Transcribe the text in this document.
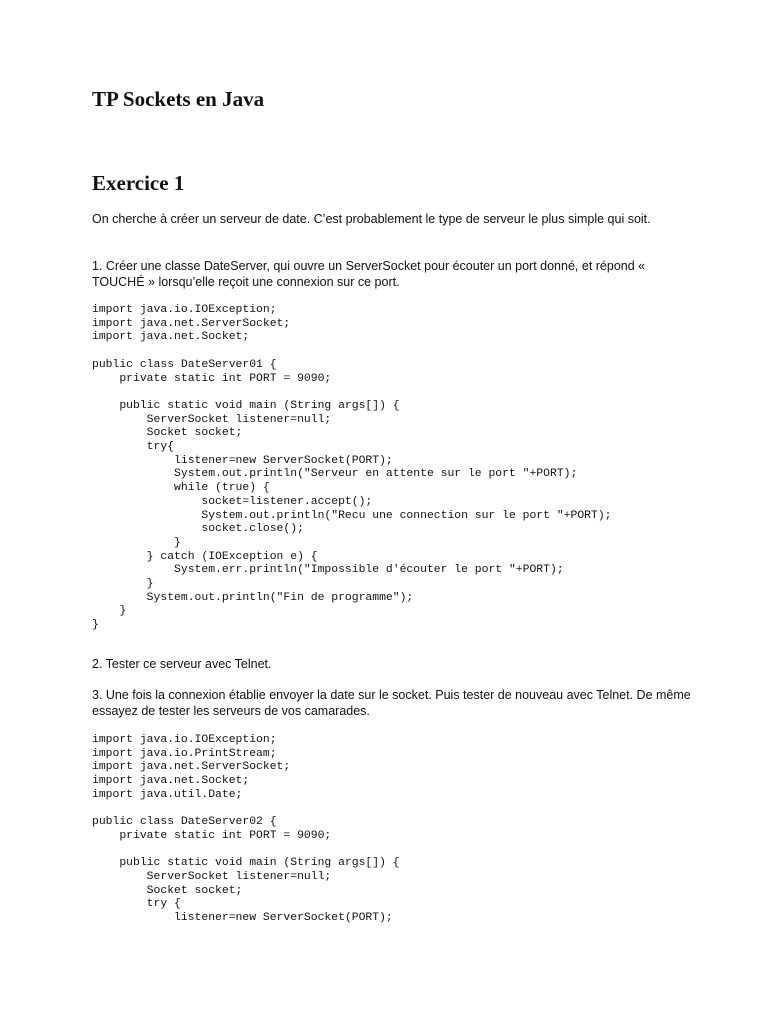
TP Sockets en Java
Exercice 1

On cherche à créer un serveur de date. C’est probablement le type de serveur le plus simple qui soit.

1. Créer une classe DateServer, qui ouvre un ServerSocket pour écouter un port donné, et répond « TOUCHÉ » lorsqu’elle reçoit une connexion sur ce port.

import java.io.IOException;
import java.net.ServerSocket;
import java.net.Socket;

public class DateServer01 {
private static int PORT = 9090;

public static void main (String args[]) {
ServerSocket listener=null;
Socket socket;
try{
listener=new ServerSocket(PORT);
System.out.println("Serveur en attente sur le port "+PORT);
while (true) {
socket=listener.accept();
System.out.println("Recu une connection sur le port "+PORT);
socket.close();
}
} catch (IOException e) {
System.err.println("Impossible d'écouter le port "+PORT);
}
System.out.println("Fin de programme");
}
}

2. Tester ce serveur avec Telnet.

3. Une fois la connexion établie envoyer la date sur le socket. Puis tester de nouveau avec Telnet. De même essayez de tester les serveurs de vos camarades.

import java.io.IOException;
import java.io.PrintStream;
import java.net.ServerSocket;
import java.net.Socket;
import java.util.Date;

public class DateServer02 {
private static int PORT = 9090;

public static void main (String args[]) {
ServerSocket listener=null;
Socket socket;
try {
listener=new ServerSocket(PORT);
